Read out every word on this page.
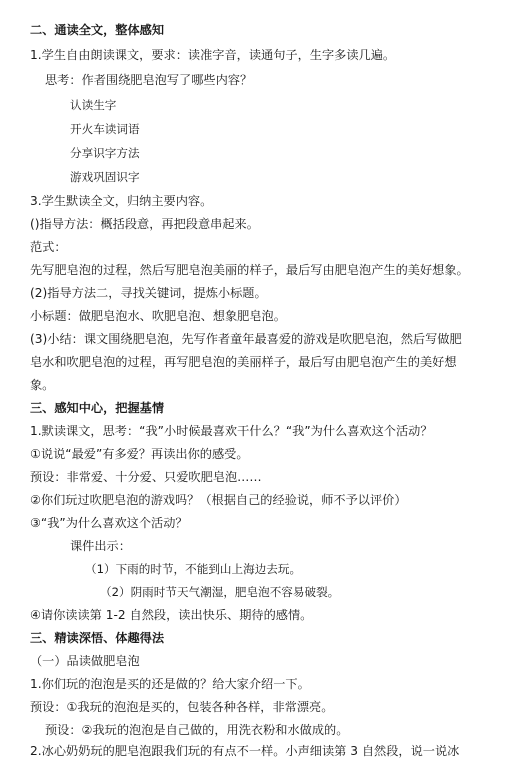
二、通读全文，整体感知
1.学生自由朗读课文，要求：读准字音，读通句子，生字多读几遍。
思考：作者围绕肥皂泡写了哪些内容？
认读生字
开火车读词语
分享识字方法
游戏巩固识字
3.学生默读全文，归纳主要内容。
()指导方法：概括段意，再把段意串起来。
范式：
先写肥皂泡的过程，然后写肥皂泡美丽的样子，最后写由肥皂泡产生的美好想象。
(2)指导方法二，寻找关键词，提炼小标题。
小标题：做肥皂泡水、吹肥皂泡、想象肥皂泡。
(3)小结：课文围绕肥皂泡，先写作者童年最喜爱的游戏是吹肥皂泡，然后写做肥
皂水和吹肥皂泡的过程，再写肥皂泡的美丽样子，最后写由肥皂泡产生的美好想
象。
三、感知中心，把握基情
1.默读课文，思考：“我”小时候最喜欢干什么？“我”为什么喜欢这个活动？
①说说“最爱”有多爱？再读出你的感受。
预设：非常爱、十分爱、只爱吹肥皂泡……
②你们玩过吹肥皂泡的游戏吗？（根据自己的经验说，师不予以评价）
③“我”为什么喜欢这个活动？
课件出示：
（1）下雨的时节，不能到山上海边去玩。
（2）阴雨时节天气潮湿，肥皂泡不容易破裂。
④请你读读第 1-2 自然段，读出快乐、期待的感情。
三、精读深悟、体趣得法
（一）品读做肥皂泡
1.你们玩的泡泡是买的还是做的？给大家介绍一下。
预设：①我玩的泡泡是买的，包装各种各样，非常漂亮。
预设：②我玩的泡泡是自己做的，用洗衣粉和水做成的。
2.冰心奶奶玩的肥皂泡跟我们玩的有点不一样。小声细读第 3 自然段，说一说冰
